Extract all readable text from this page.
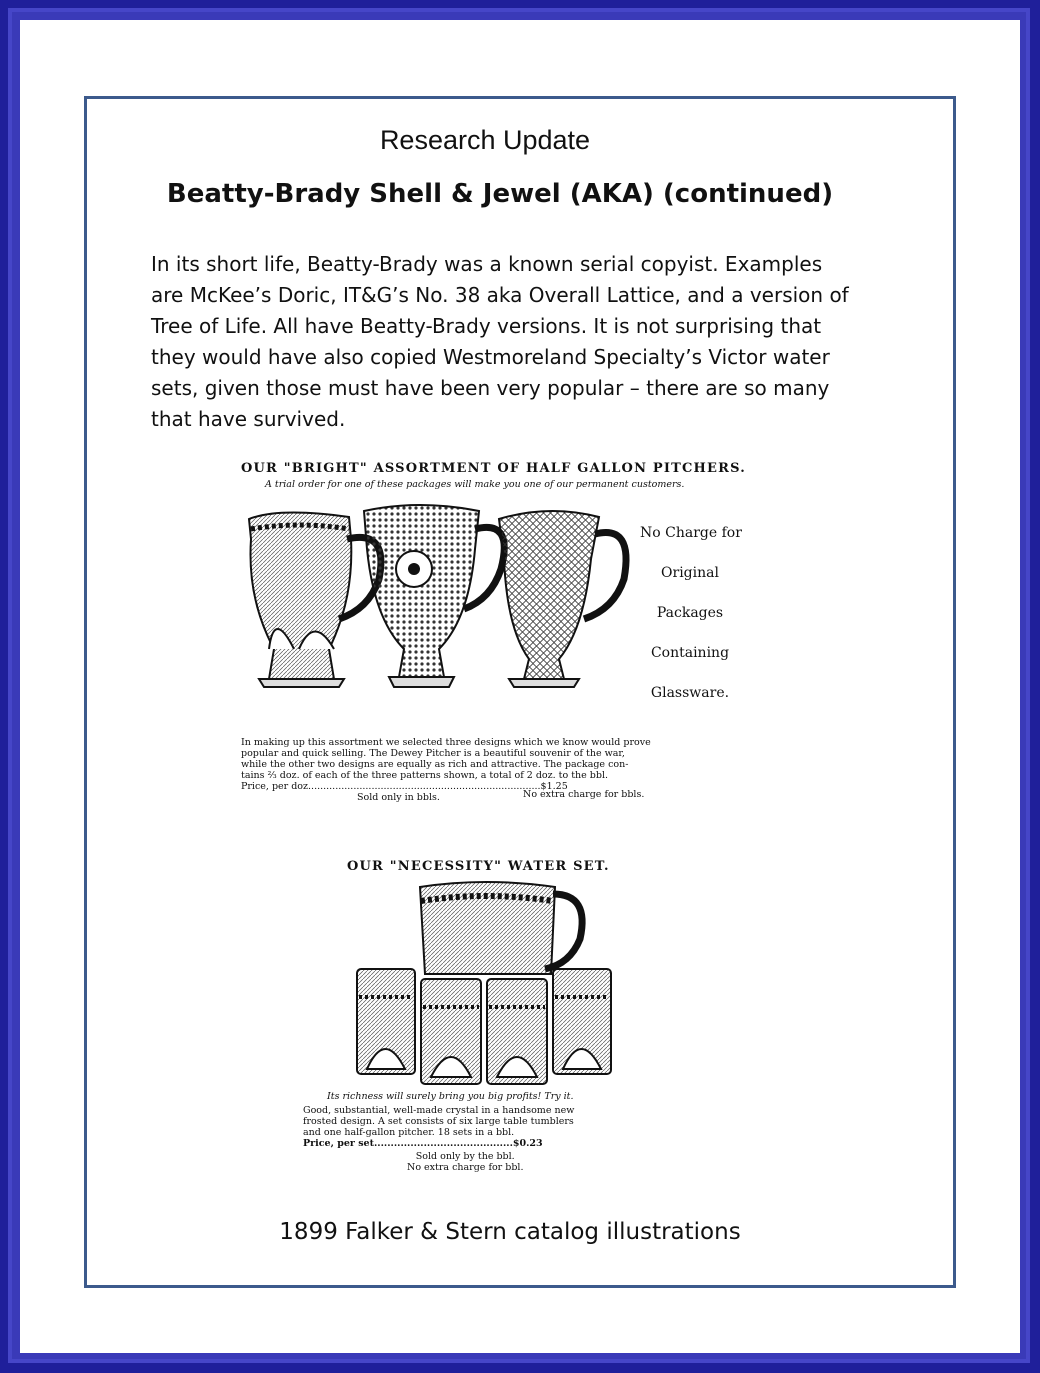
Research Update
Beatty-Brady Shell & Jewel (AKA) (continued)
In its short life, Beatty-Brady was a known serial copyist. Examples
are McKee’s Doric, IT&G’s No. 38 aka Overall Lattice, and a version of
Tree of Life. All have Beatty-Brady versions. It is not surprising that
they would have also copied Westmoreland Specialty’s Victor water
sets, given those must have been very popular – there are so many
that have survived.
OUR "BRIGHT" ASSORTMENT OF HALF GALLON PITCHERS.
A trial order for one of these packages will make you one of our permanent customers.
No Charge for
Original
Packages
Containing
Glassware.
In making up this assortment we selected three designs which we know would prove
popular and quick selling. The Dewey Pitcher is a beautiful souvenir of the war,
while the other two designs are equally as rich and attractive. The package con-
tains ⅔ doz. of each of the three patterns shown, a total of 2 doz. to the bbl.
Price, per doz.............................................................................$1.25
Sold only in bbls.	No extra charge for bbls.
OUR "NECESSITY" WATER SET.
Its richness will surely bring you big profits! Try it.
Good, substantial, well-made crystal in a handsome new
frosted design. A set consists of six large table tumblers
and one half-gallon pitcher. 18 sets in a bbl.
Price, per set..........................................$0.23
Sold only by the bbl.
No extra charge for bbl.
1899 Falker & Stern catalog illustrations
